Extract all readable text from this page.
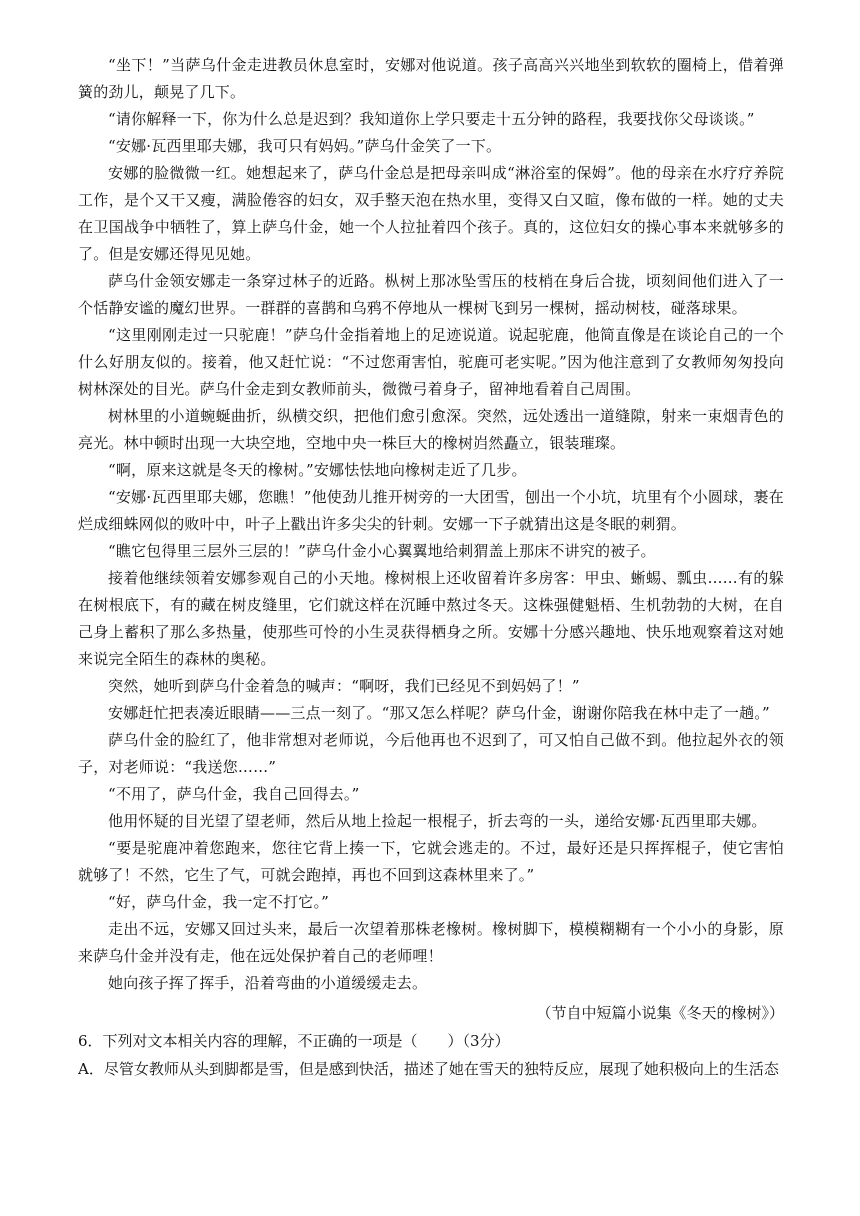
“坐下！”当萨乌什金走进教员休息室时，安娜对他说道。孩子高高兴兴地坐到软软的圈椅上，借着弹簧的劲儿，颠晃了几下。

“请你解释一下，你为什么总是迟到？我知道你上学只要走十五分钟的路程，我要找你父母谈谈。”

“安娜·瓦西里耶夫娜，我可只有妈妈。”萨乌什金笑了一下。

安娜的脸微微一红。她想起来了，萨乌什金总是把母亲叫成“淋浴室的保姆”。他的母亲在水疗疗养院工作，是个又干又瘦，满脸倦容的妇女，双手整天泡在热水里，变得又白又暄，像布做的一样。她的丈夫在卫国战争中牺牲了，算上萨乌什金，她一个人拉扯着四个孩子。真的，这位妇女的操心事本来就够多的了。但是安娜还得见见她。

萨乌什金领安娜走一条穿过林子的近路。枞树上那冰坠雪压的枝梢在身后合拢，顷刻间他们进入了一个恬静安谧的魔幻世界。一群群的喜鹊和乌鸦不停地从一棵树飞到另一棵树，摇动树枝，碰落球果。

“这里刚刚走过一只驼鹿！”萨乌什金指着地上的足迹说道。说起驼鹿，他简直像是在谈论自己的一个什么好朋友似的。接着，他又赶忙说：“不过您甭害怕，驼鹿可老实呢。”因为他注意到了女教师匆匆投向树林深处的目光。萨乌什金走到女教师前头，微微弓着身子，留神地看着自己周围。

树林里的小道蜿蜒曲折，纵横交织，把他们愈引愈深。突然，远处透出一道缝隙，射来一束烟青色的亮光。林中顿时出现一大块空地，空地中央一株巨大的橡树岿然矗立，银装璀璨。

“啊，原来这就是冬天的橡树。”安娜怯怯地向橡树走近了几步。

“安娜·瓦西里耶夫娜，您瞧！”他使劲儿推开树旁的一大团雪，刨出一个小坑，坑里有个小圆球，裹在烂成细蛛网似的败叶中，叶子上戳出许多尖尖的针刺。安娜一下子就猜出这是冬眠的刺猬。

“瞧它包得里三层外三层的！”萨乌什金小心翼翼地给刺猬盖上那床不讲究的被子。

接着他继续领着安娜参观自己的小天地。橡树根上还收留着许多房客：甲虫、蜥蜴、瓢虫……有的躲在树根底下，有的藏在树皮缝里，它们就这样在沉睡中熬过冬天。这株强健魁梧、生机勃勃的大树，在自己身上蓄积了那么多热量，使那些可怜的小生灵获得栖身之所。安娜十分感兴趣地、快乐地观察着这对她来说完全陌生的森林的奥秘。

突然，她听到萨乌什金着急的喊声：“啊呀，我们已经见不到妈妈了！”

安娜赶忙把表凑近眼睛——三点一刻了。“那又怎么样呢？萨乌什金，谢谢你陪我在林中走了一趟。”

萨乌什金的脸红了，他非常想对老师说，今后他再也不迟到了，可又怕自己做不到。他拉起外衣的领子，对老师说：“我送您……”

“不用了，萨乌什金，我自己回得去。”

他用怀疑的目光望了望老师，然后从地上捡起一根棍子，折去弯的一头，递给安娜·瓦西里耶夫娜。

“要是驼鹿冲着您跑来，您往它背上揍一下，它就会逃走的。不过，最好还是只挥挥棍子，使它害怕就够了！不然，它生了气，可就会跑掉，再也不回到这森林里来了。”

“好，萨乌什金，我一定不打它。”

走出不远，安娜又回过头来，最后一次望着那株老橡树。橡树脚下，模模糊糊有一个小小的身影，原来萨乌什金并没有走，他在远处保护着自己的老师哩！

她向孩子挥了挥手，沿着弯曲的小道缓缓走去。

（节自中短篇小说集《冬天的橡树》）

6．下列对文本相关内容的理解，不正确的一项是（　　）（3分）

A．尽管女教师从头到脚都是雪，但是感到快活，描述了她在雪天的独特反应，展现了她积极向上的生活态
